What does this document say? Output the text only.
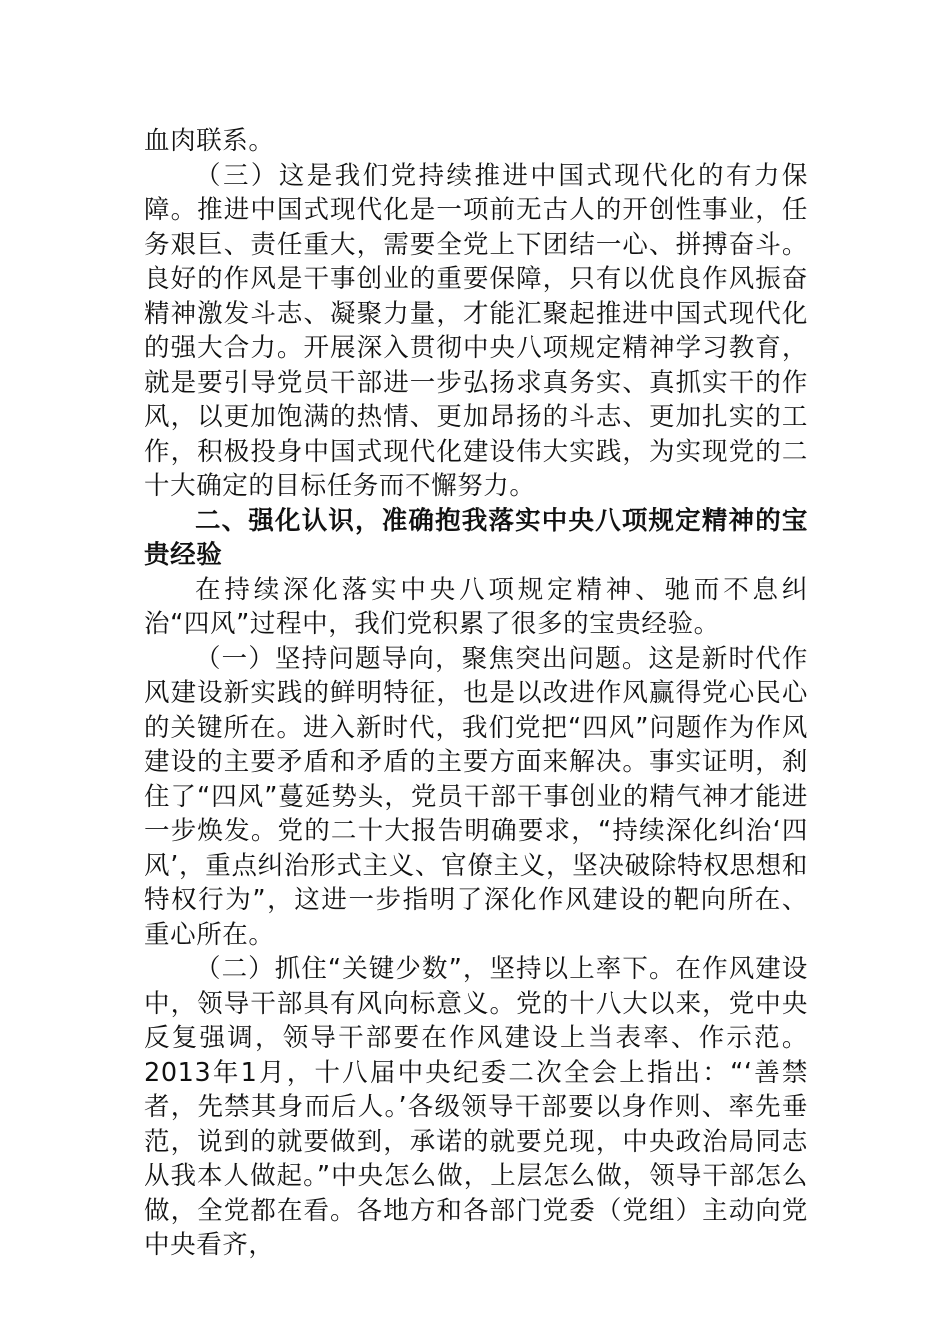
血肉联系。

（三）这是我们党持续推进中国式现代化的有力保障。推进中国式现代化是一项前无古人的开创性事业，任务艰巨、责任重大，需要全党上下团结一心、拼搏奋斗。良好的作风是干事创业的重要保障，只有以优良作风振奋精神激发斗志、凝聚力量，才能汇聚起推进中国式现代化的强大合力。开展深入贯彻中央八项规定精神学习教育，就是要引导党员干部进一步弘扬求真务实、真抓实干的作风，以更加饱满的热情、更加昂扬的斗志、更加扎实的工作，积极投身中国式现代化建设伟大实践，为实现党的二十大确定的目标任务而不懈努力。

二、强化认识，准确抱我落实中央八项规定精神的宝贵经验

在持续深化落实中央八项规定精神、驰而不息纠治“四风”过程中，我们党积累了很多的宝贵经验。

（一）坚持问题导向，聚焦突出问题。这是新时代作风建设新实践的鲜明特征，也是以改进作风赢得党心民心的关键所在。进入新时代，我们党把“四风”问题作为作风建设的主要矛盾和矛盾的主要方面来解决。事实证明，刹住了“四风”蔓延势头，党员干部干事创业的精气神才能进一步焕发。党的二十大报告明确要求，“持续深化纠治‘四风’，重点纠治形式主义、官僚主义，坚决破除特权思想和特权行为”，这进一步指明了深化作风建设的靶向所在、重心所在。

（二）抓住“关键少数”，坚持以上率下。在作风建设中，领导干部具有风向标意义。党的十八大以来，党中央反复强调，领导干部要在作风建设上当表率、作示范。2013年1月，十八届中央纪委二次全会上指出：“‘善禁者，先禁其身而后人。’各级领导干部要以身作则、率先垂范，说到的就要做到，承诺的就要兑现，中央政治局同志从我本人做起。”中央怎么做，上层怎么做，领导干部怎么做，全党都在看。各地方和各部门党委（党组）主动向党中央看齐，
